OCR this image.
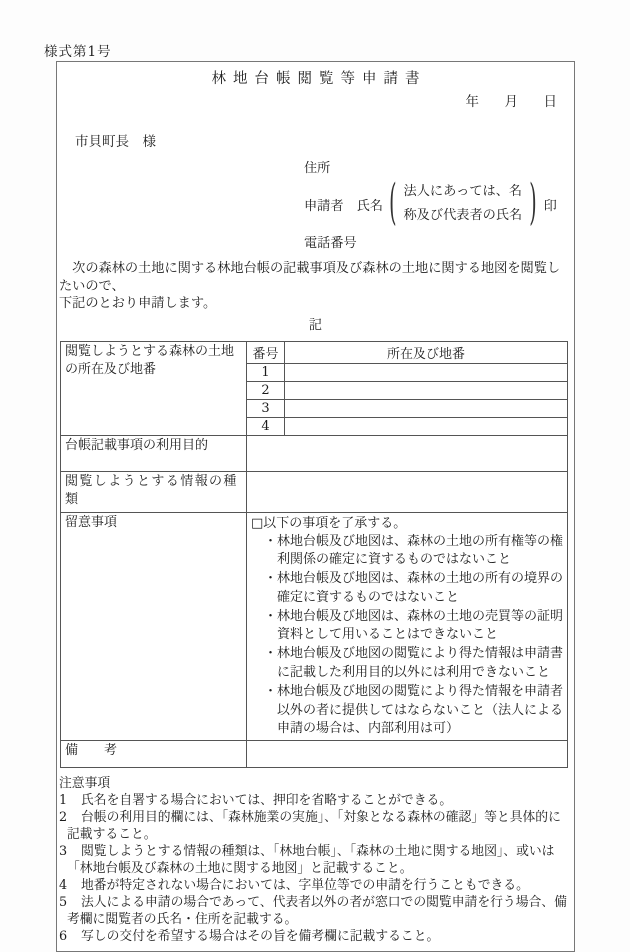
様式第1号
林地台帳閲覧等申請書
年　月　日
市貝町長　様
住所
申請者　氏名 ( 法人にあっては、名
称及び代表者の氏名 ) 印
電話番号
　次の森林の土地に関する林地台帳の記載事項及び森林の土地に関する地図を閲覧したいので、
下記のとおり申請します。
記
閲覧しようとする森林の土地の所在及び地番	番号	所在及び地番
	1	
	2	
	3	
	4	
台帳記載事項の利用目的		
閲覧しようとする情報の種類		
留意事項	□以下の事項を了承する。

・林地台帳及び地図は、森林の土地の所有権等の権利関係の確定に資するものではないこと

・林地台帳及び地図は、森林の土地の所有の境界の確定に資するものではないこと

・林地台帳及び地図は、森林の土地の売買等の証明資料として用いることはできないこと

・林地台帳及び地図の閲覧により得た情報は申請書に記載した利用目的以外には利用できないこと

・林地台帳及び地図の閲覧により得た情報を申請者以外の者に提供してはならないこと（法人による申請の場合は、内部利用は可）

備　　考		

注意事項

1 氏名を自署する場合においては、押印を省略することができる。

2 台帳の利用目的欄には、「森林施業の実施」、「対象となる森林の確認」等と具体的に記載すること。

3 閲覧しようとする情報の種類は、「林地台帳」、「森林の土地に関する地図」、或いは「林地台帳及び森林の土地に関する地図」と記載すること。

4 地番が特定されない場合においては、字単位等での申請を行うこともできる。

5 法人による申請の場合であって、代表者以外の者が窓口での閲覧申請を行う場合、備考欄に閲覧者の氏名・住所を記載する。

6 写しの交付を希望する場合はその旨を備考欄に記載すること。
